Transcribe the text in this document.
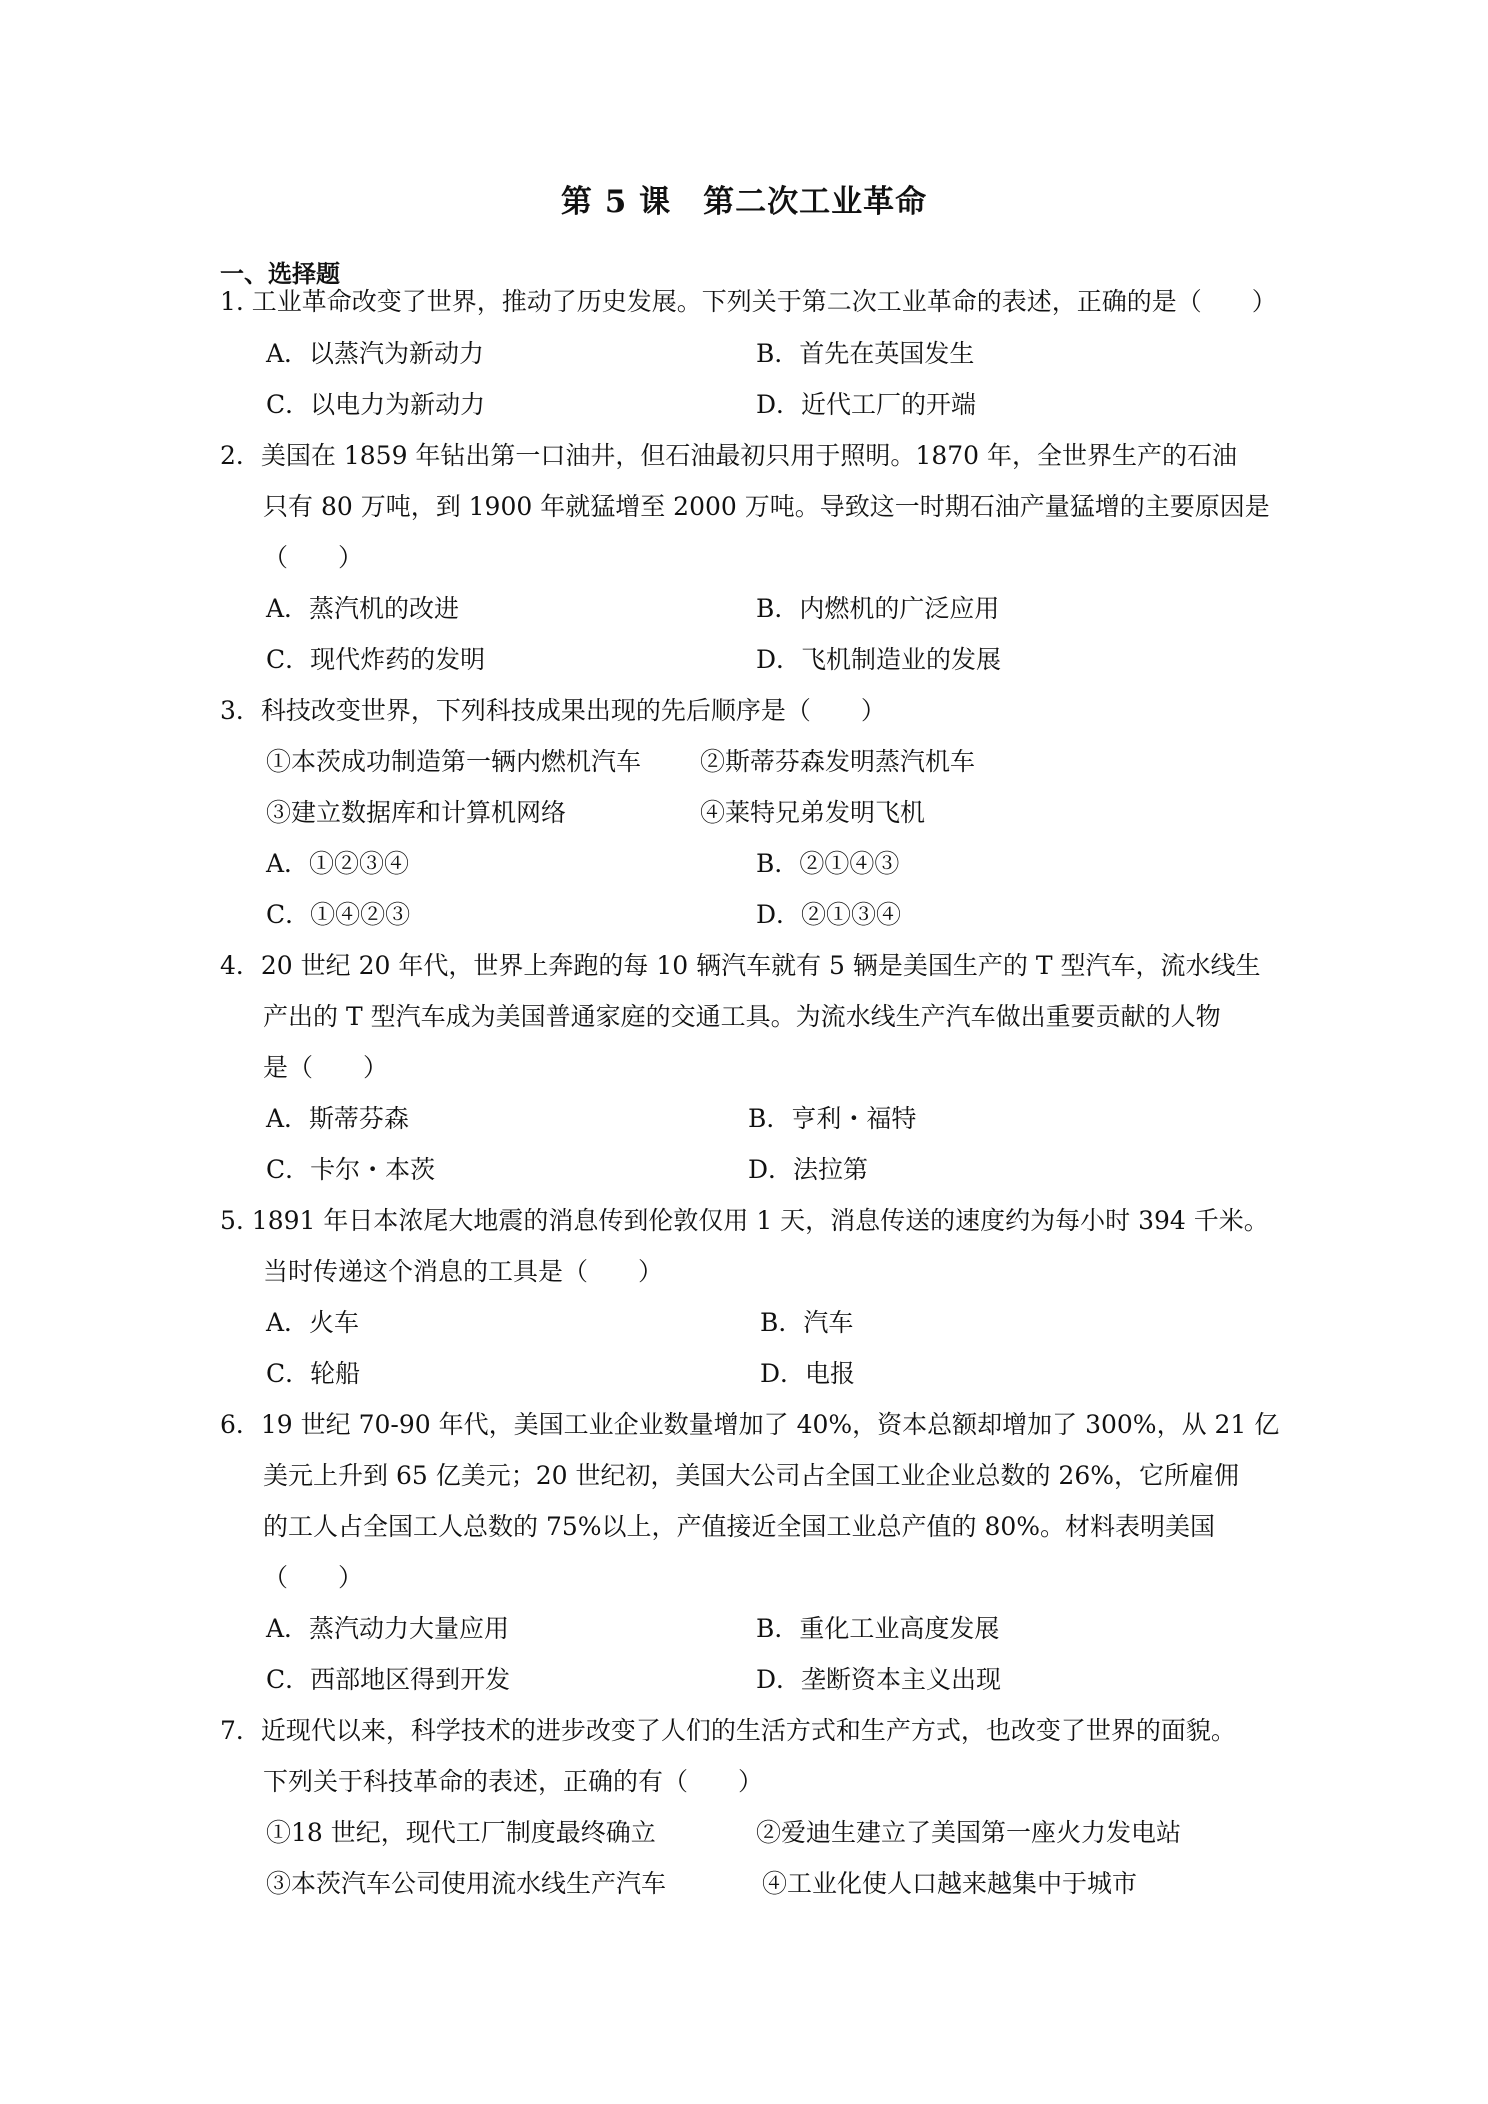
第 5 课　第二次工业革命
一、选择题
1. 工业革命改变了世界，推动了历史发展。下列关于第二次工业革命的表述，正确的是（　　）
A．以蒸汽为新动力	B．首先在英国发生
C．以电力为新动力	D．近代工厂的开端
2．美国在 1859 年钻出第一口油井，但石油最初只用于照明。1870 年，全世界生产的石油
只有 80 万吨，到 1900 年就猛增至 2000 万吨。导致这一时期石油产量猛增的主要原因是
（　　）
A．蒸汽机的改进	B．内燃机的广泛应用
C．现代炸药的发明	D．飞机制造业的发展
3．科技改变世界，下列科技成果出现的先后顺序是（　　）
①本茨成功制造第一辆内燃机汽车 ②斯蒂芬森发明蒸汽机车
③建立数据库和计算机网络	④莱特兄弟发明飞机
A．①②③④	B．②①④③
C．①④②③	D．②①③④
4．20 世纪 20 年代，世界上奔跑的每 10 辆汽车就有 5 辆是美国生产的 T 型汽车，流水线生
产出的 T 型汽车成为美国普通家庭的交通工具。为流水线生产汽车做出重要贡献的人物
是（　　）
A．斯蒂芬森	B．亨利・福特
C．卡尔・本茨	D．法拉第
5. 1891 年日本浓尾大地震的消息传到伦敦仅用 1 天，消息传送的速度约为每小时 394 千米。
当时传递这个消息的工具是（　　）
A．火车	B．汽车
C．轮船	D．电报
6．19 世纪 70-90 年代，美国工业企业数量增加了 40%，资本总额却增加了 300%，从 21 亿
美元上升到 65 亿美元；20 世纪初，美国大公司占全国工业企业总数的 26%，它所雇佣
的工人占全国工人总数的 75%以上，产值接近全国工业总产值的 80%。材料表明美国
（　　）
A．蒸汽动力大量应用	B．重化工业高度发展
C．西部地区得到开发	D．垄断资本主义出现
7．近现代以来，科学技术的进步改变了人们的生活方式和生产方式，也改变了世界的面貌。
下列关于科技革命的表述，正确的有（　　）
①18 世纪，现代工厂制度最终确立	②爱迪生建立了美国第一座火力发电站
③本茨汽车公司使用流水线生产汽车	④工业化使人口越来越集中于城市
